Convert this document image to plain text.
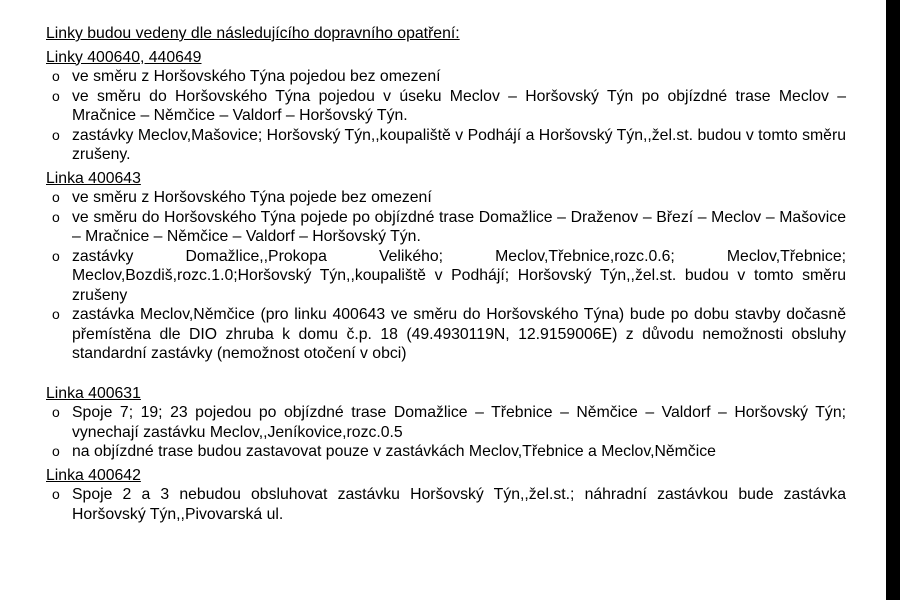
Linky budou vedeny dle následujícího dopravního opatření:

Linky 400640, 440649

o ve směru z Horšovského Týna pojedou bez omezení
o ve směru do Horšovského Týna pojedou v úseku Meclov – Horšovský Týn po objízdné trase Meclov – Mračnice – Němčice – Valdorf – Horšovský Týn.
o zastávky Meclov,Mašovice; Horšovský Týn,,koupaliště v Podhájí a Horšovský Týn,,žel.st. budou v tomto směru zrušeny.

Linka 400643

o ve směru z Horšovského Týna pojede bez omezení
o ve směru do Horšovského Týna pojede po objízdné trase Domažlice – Draženov – Březí – Meclov – Mašovice – Mračnice – Němčice – Valdorf – Horšovský Týn.
o zastávky Domažlice,,Prokopa Velikého; Meclov,Třebnice,rozc.0.6; Meclov,Třebnice; Meclov,Bozdiš,rozc.1.0;Horšovský Týn,,koupaliště v Podhájí; Horšovský Týn,,žel.st. budou v tomto směru zrušeny
o zastávka Meclov,Němčice (pro linku 400643 ve směru do Horšovského Týna) bude po dobu stavby dočasně přemístěna dle DIO zhruba k domu č.p. 18 (49.4930119N, 12.9159006E) z důvodu nemožnosti obsluhy standardní zastávky (nemožnost otočení v obci)

Linka 400631

o Spoje 7; 19; 23 pojedou po objízdné trase Domažlice – Třebnice – Němčice – Valdorf – Horšovský Týn; vynechají zastávku Meclov,,Jeníkovice,rozc.0.5
o na objízdné trase budou zastavovat pouze v zastávkách Meclov,Třebnice a Meclov,Němčice

Linka 400642

o Spoje 2 a 3 nebudou obsluhovat zastávku Horšovský Týn,,žel.st.; náhradní zastávkou bude zastávka Horšovský Týn,,Pivovarská ul.
